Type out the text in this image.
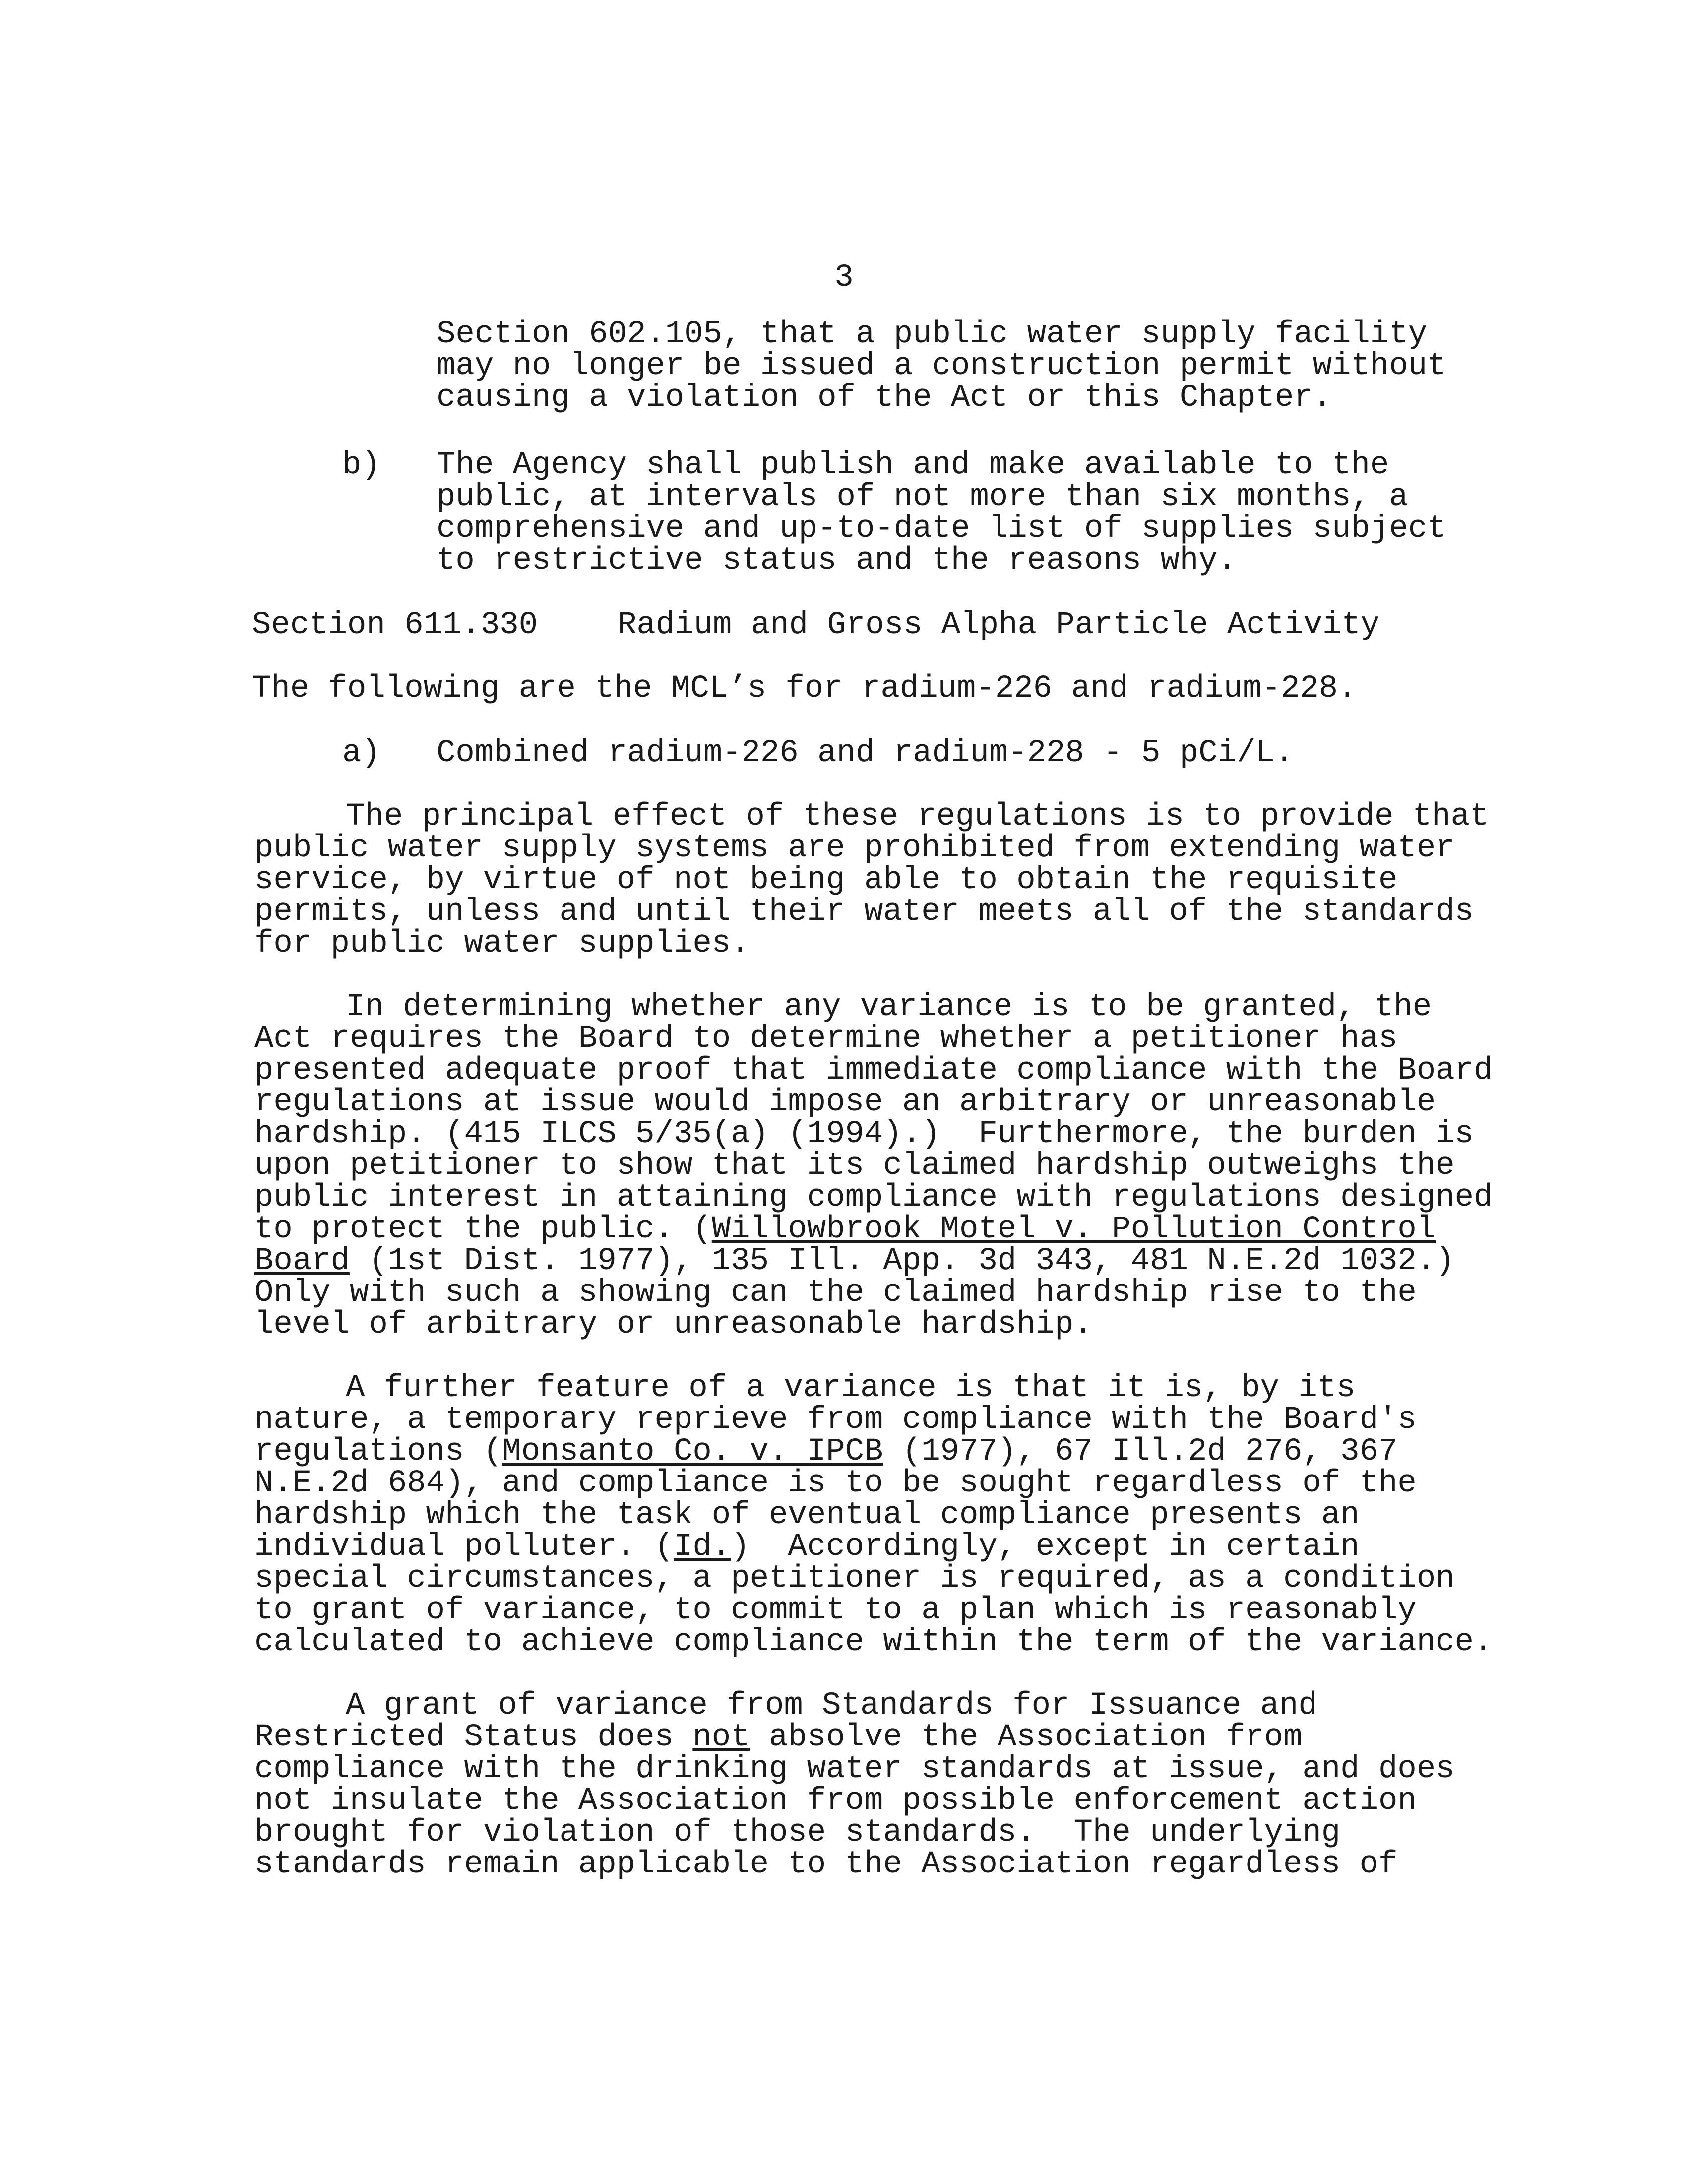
3
Section 602.105, that a public water supply facility
may no longer be issued a construction permit without
causing a violation of the Act or this Chapter.
b) The Agency shall publish and make available to the
public, at intervals of not more than six months, a
comprehensive and up-to-date list of supplies subject
to restrictive status and the reasons why.
Section 611.330	Radium and Gross Alpha Particle Activity
The following are the MCL’s for radium-226 and radium-228.
a) Combined radium-226 and radium-228 - 5 pCi/L.
The principal effect of these regulations is to provide that
public water supply systems are prohibited from extending water
service, by virtue of not being able to obtain the requisite
permits, unless and until their water meets all of the standards
for public water supplies.
In determining whether any variance is to be granted, the
Act requires the Board to determine whether a petitioner has
presented adequate proof that immediate compliance with the Board
regulations at issue would impose an arbitrary or unreasonable
hardship. (415 ILCS 5/35(a) (1994).)  Furthermore, the burden is
upon petitioner to show that its claimed hardship outweighs the
public interest in attaining compliance with regulations designed
to protect the public. (Willowbrook Motel v. Pollution Control
Board (1st Dist. 1977), 135 Ill. App. 3d 343, 481 N.E.2d 1032.)
Only with such a showing can the claimed hardship rise to the
level of arbitrary or unreasonable hardship.
A further feature of a variance is that it is, by its
nature, a temporary reprieve from compliance with the Board's
regulations (Monsanto Co. v. IPCB (1977), 67 Ill.2d 276, 367
N.E.2d 684), and compliance is to be sought regardless of the
hardship which the task of eventual compliance presents an
individual polluter. (Id.)  Accordingly, except in certain
special circumstances, a petitioner is required, as a condition
to grant of variance, to commit to a plan which is reasonably
calculated to achieve compliance within the term of the variance.
A grant of variance from Standards for Issuance and
Restricted Status does not absolve the Association from
compliance with the drinking water standards at issue, and does
not insulate the Association from possible enforcement action
brought for violation of those standards.  The underlying
standards remain applicable to the Association regardless of
